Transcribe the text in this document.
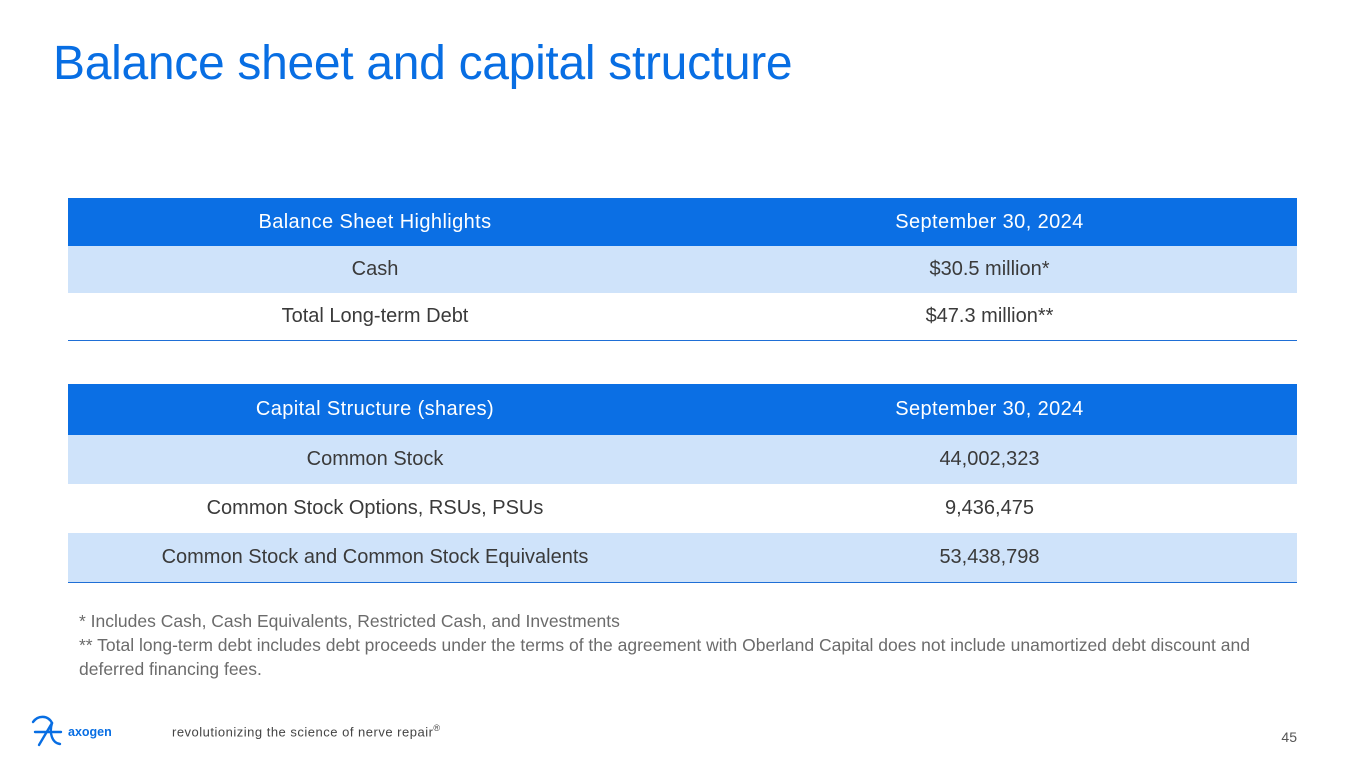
Balance sheet and capital structure
Balance Sheet Highlights	September 30, 2024
Cash	$30.5 million*
Total Long-term Debt	$47.3 million**
Capital Structure (shares)	September 30, 2024
Common Stock	44,002,323
Common Stock Options, RSUs, PSUs	9,436,475
Common Stock and Common Stock Equivalents	53,438,798

* Includes Cash, Cash Equivalents, Restricted Cash, and Investments

** Total long-term debt includes debt proceeds under the terms of the agreement with Oberland Capital does not include unamortized debt discount and deferred financing fees.

axogen	revolutionizing the science of nerve repair®
45
